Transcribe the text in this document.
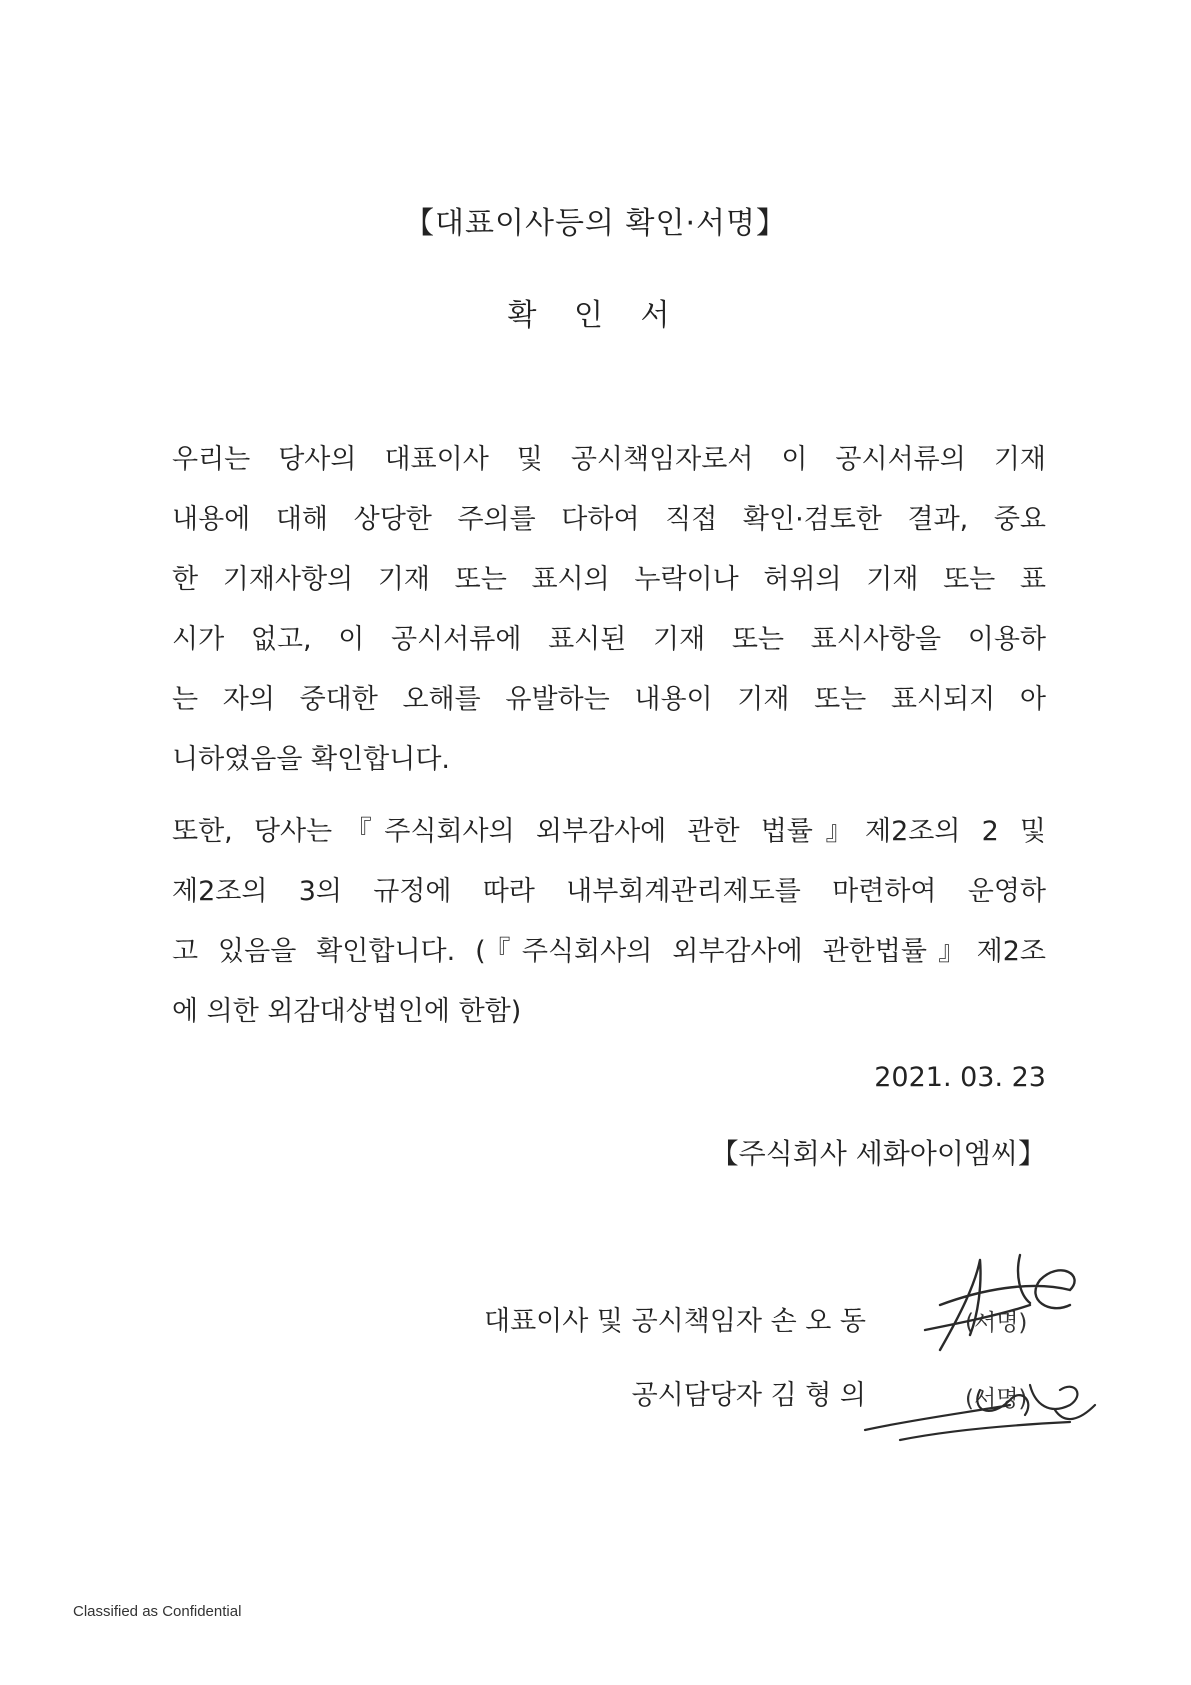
【대표이사등의 확인·서명】
확 인 서
우리는 당사의 대표이사 및 공시책임자로서 이 공시서류의 기재
내용에 대해 상당한 주의를 다하여 직접 확인·검토한 결과, 중요
한 기재사항의 기재 또는 표시의 누락이나 허위의 기재 또는 표
시가 없고, 이 공시서류에 표시된 기재 또는 표시사항을 이용하
는 자의 중대한 오해를 유발하는 내용이 기재 또는 표시되지 아
니하였음을 확인합니다.
또한, 당사는『주식회사의 외부감사에 관한 법률』제2조의 2 및
제2조의 3의 규정에 따라 내부회계관리제도를 마련하여 운영하
고 있음을 확인합니다. (『주식회사의 외부감사에 관한법률』제2조
에 의한 외감대상법인에 한함)
2021. 03. 23
【주식회사 세화아이엠씨】
대표이사 및 공시책임자 손 오 동	(서명)
공시담당자 김 형 의	(서명)
Classified as Confidential
